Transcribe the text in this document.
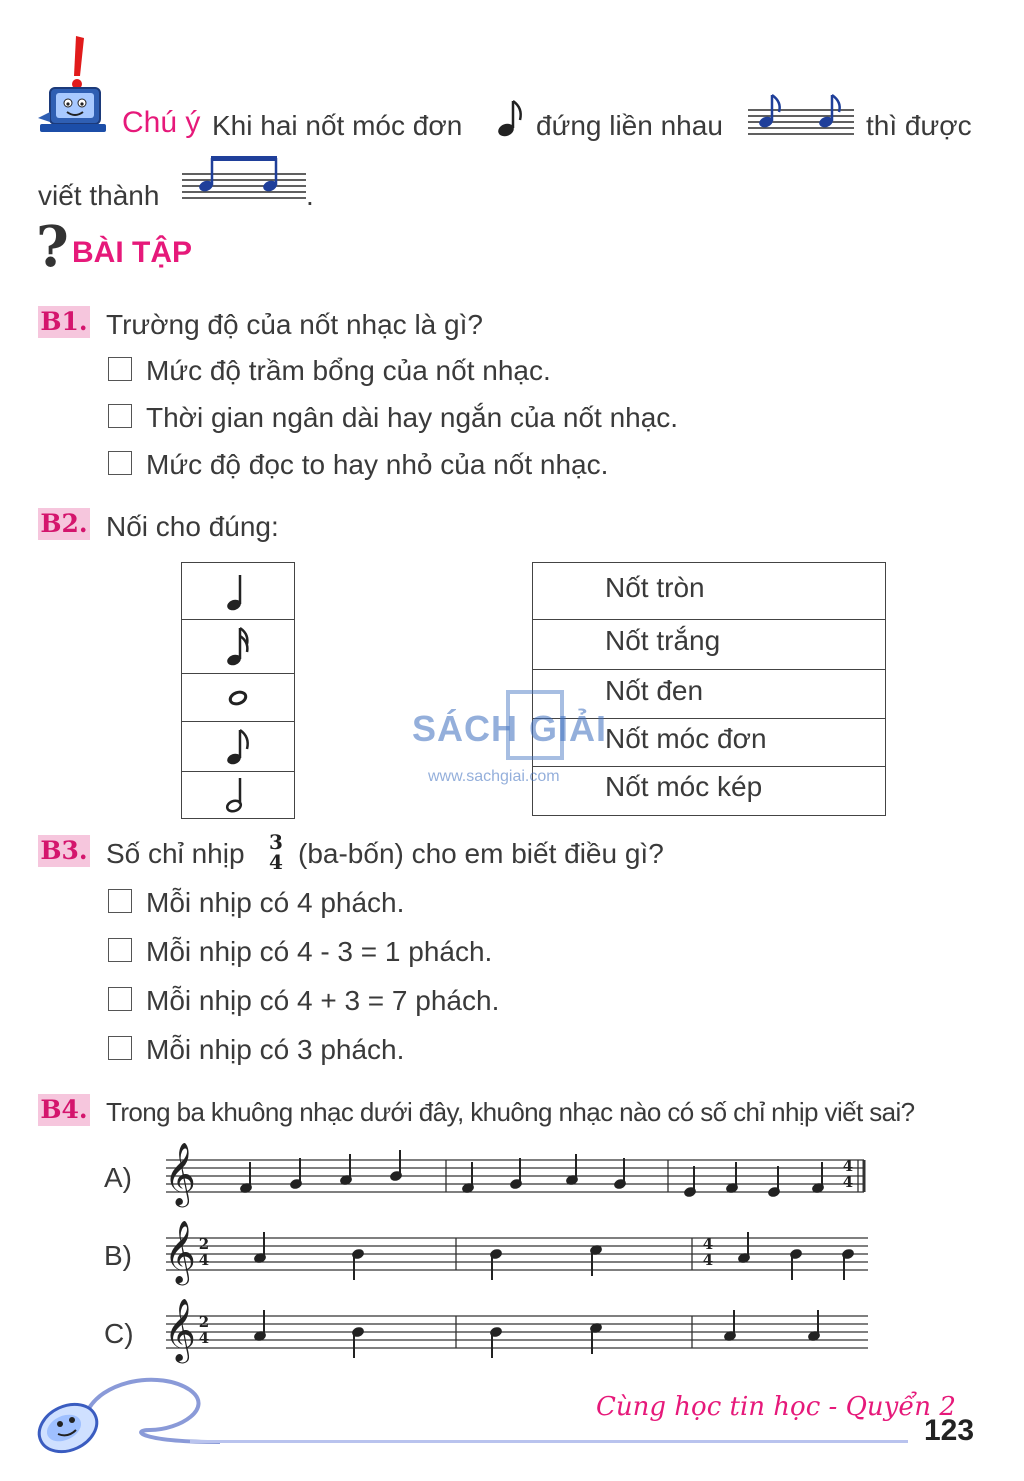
Chú ý Khi hai nốt móc đơn	đứng liền nhau	thì được
viết thành	.
? BÀI TẬP
B1. Trường độ của nốt nhạc là gì?
Mức độ trầm bổng của nốt nhạc.
Thời gian ngân dài hay ngắn của nốt nhạc.
Mức độ đọc to hay nhỏ của nốt nhạc.
B2. Nối cho đúng:
Nốt tròn
Nốt trắng
Nốt đen
Nốt móc đơn
Nốt móc kép
SÁCH GIẢI
www.sachgiai.com
B3. Số chỉ nhịp 3
4 (ba-bốn) cho em biết điều gì?
Mỗi nhịp có 4 phách.
Mỗi nhịp có 4 - 3 = 1 phách.
Mỗi nhịp có 4 + 3 = 7 phách.
Mỗi nhịp có 3 phách.
B4. Trong ba khuông nhạc dưới đây, khuông nhạc nào có số chỉ nhịp viết sai?
A) 𝄞	4
4
B) 𝄞 2
4
4
4
C) 𝄞 2
4
Cùng học tin học - Quyển 2
123
